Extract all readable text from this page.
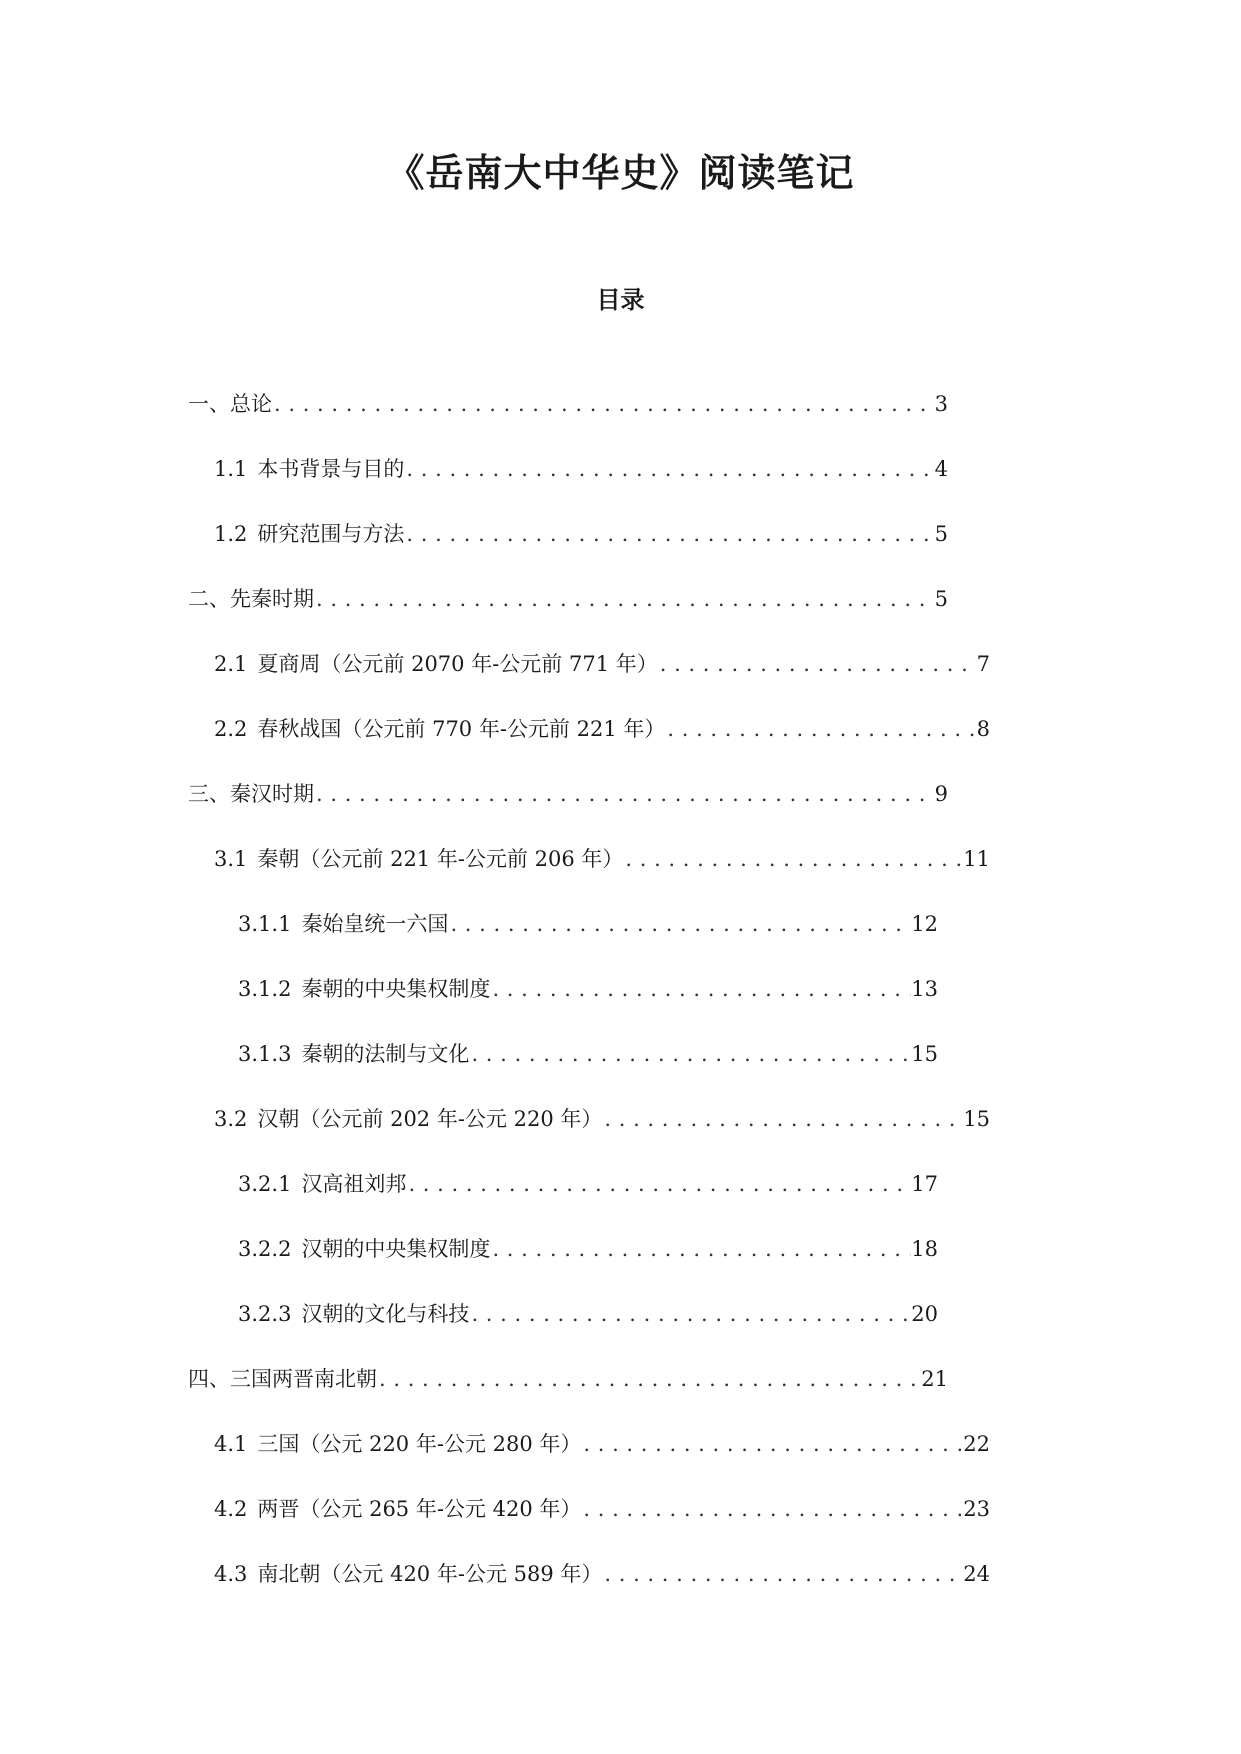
《岳南大中华史》阅读笔记
目录
一、 总论 . . .	3
1.1 本书背景与目的 . . .	4
1.2 研究范围与方法 . . .	5
二、 先秦时期 . . .	5
2.1 夏商周（公元前 2070 年-公元前 771 年） . . .	7
2.2 春秋战国（公元前 770 年-公元前 221 年） . . .	8
三、 秦汉时期 . . .	9
3.1 秦朝（公元前 221 年-公元前 206 年） . . .	11
3.1.1 秦始皇统一六国 . . .	12
3.1.2 秦朝的中央集权制度 . . .	13
3.1.3 秦朝的法制与文化 . . .	15
3.2 汉朝（公元前 202 年-公元 220 年） . . .	15
3.2.1 汉高祖刘邦 . . .	17
3.2.2 汉朝的中央集权制度 . . .	18
3.2.3 汉朝的文化与科技 . . .	20
四、 三国两晋南北朝 . . .	21
4.1 三国（公元 220 年-公元 280 年） . . .	22
4.2 两晋（公元 265 年-公元 420 年） . . .	23
4.3 南北朝（公元 420 年-公元 589 年） . . .	24
